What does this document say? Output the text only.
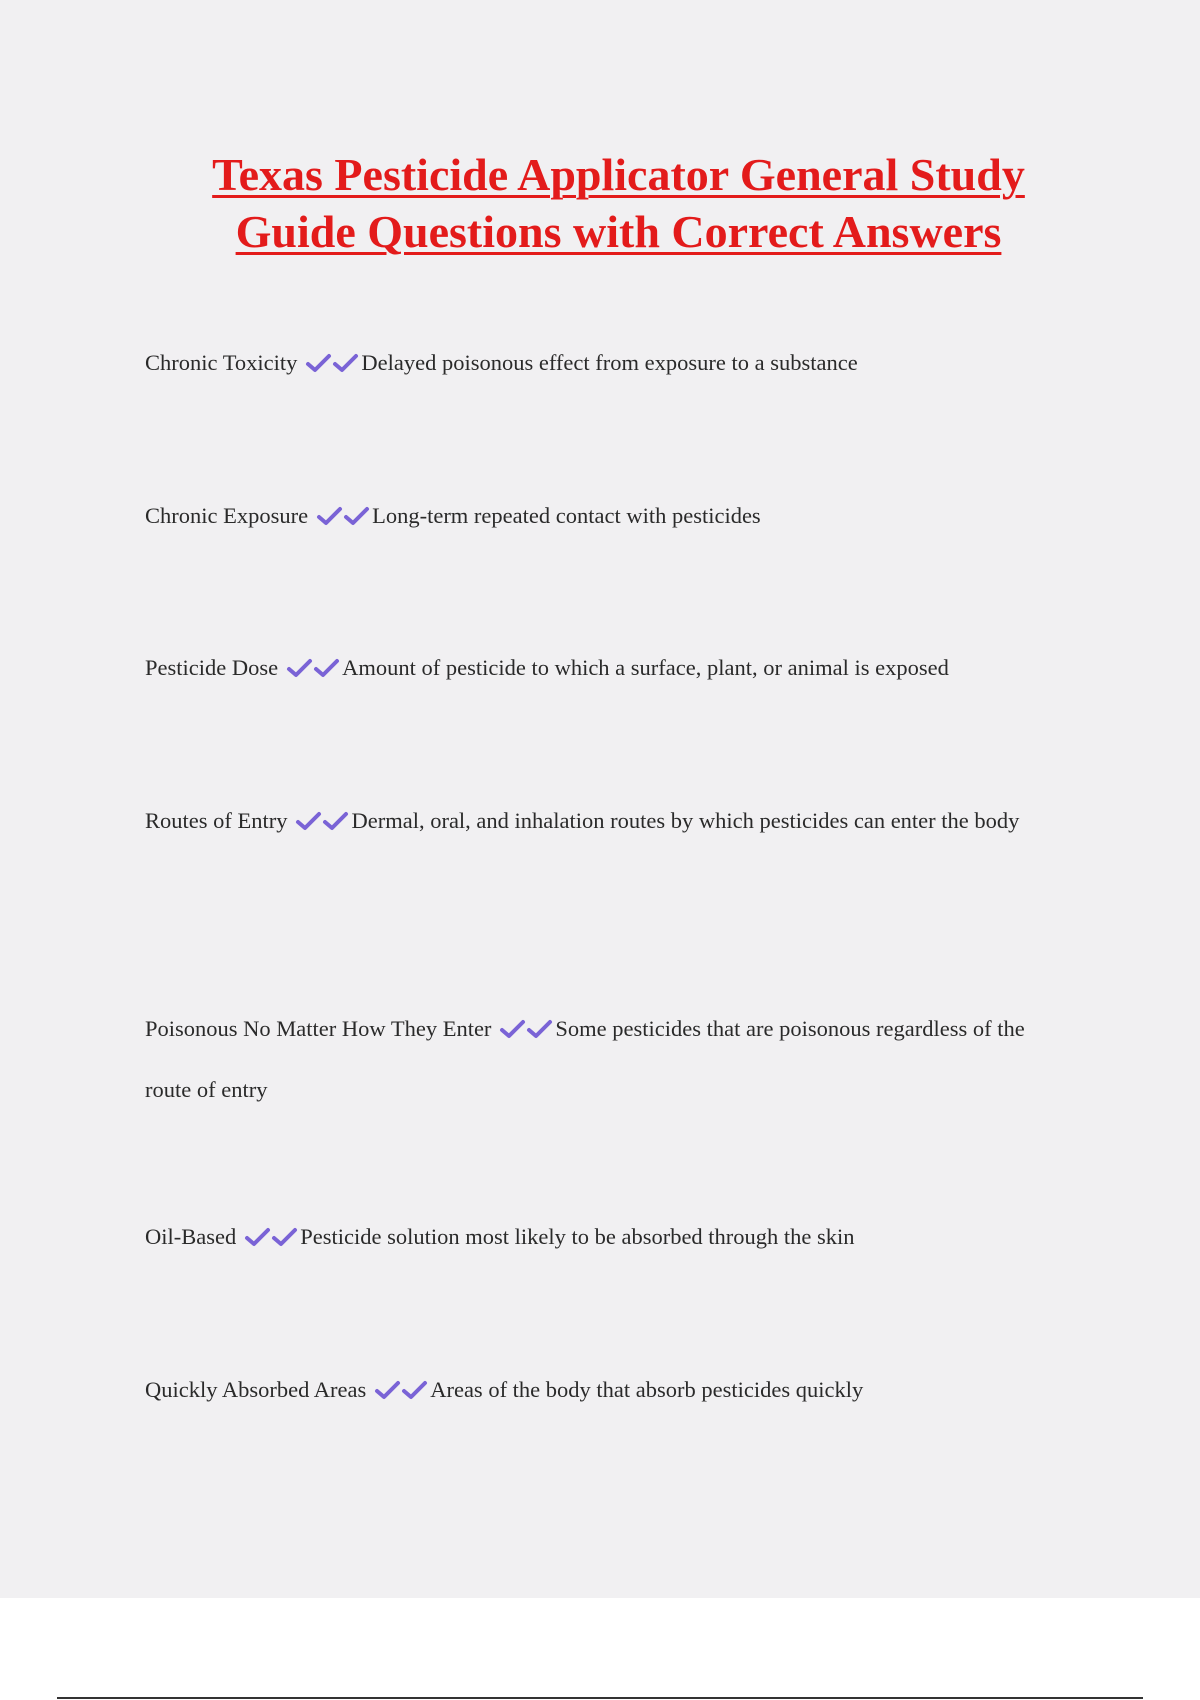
Texas Pesticide Applicator General Study
Guide Questions with Correct Answers

Chronic Toxicity	Delayed poisonous effect from exposure to a substance

Chronic Exposure	Long-term repeated contact with pesticides

Pesticide Dose	Amount of pesticide to which a surface, plant, or animal is exposed

Routes of Entry	Dermal, oral, and inhalation routes by which pesticides can enter the body

Poisonous No Matter How They Enter	Some pesticides that are poisonous regardless of the route of entry

Oil-Based	Pesticide solution most likely to be absorbed through the skin

Quickly Absorbed Areas	Areas of the body that absorb pesticides quickly
